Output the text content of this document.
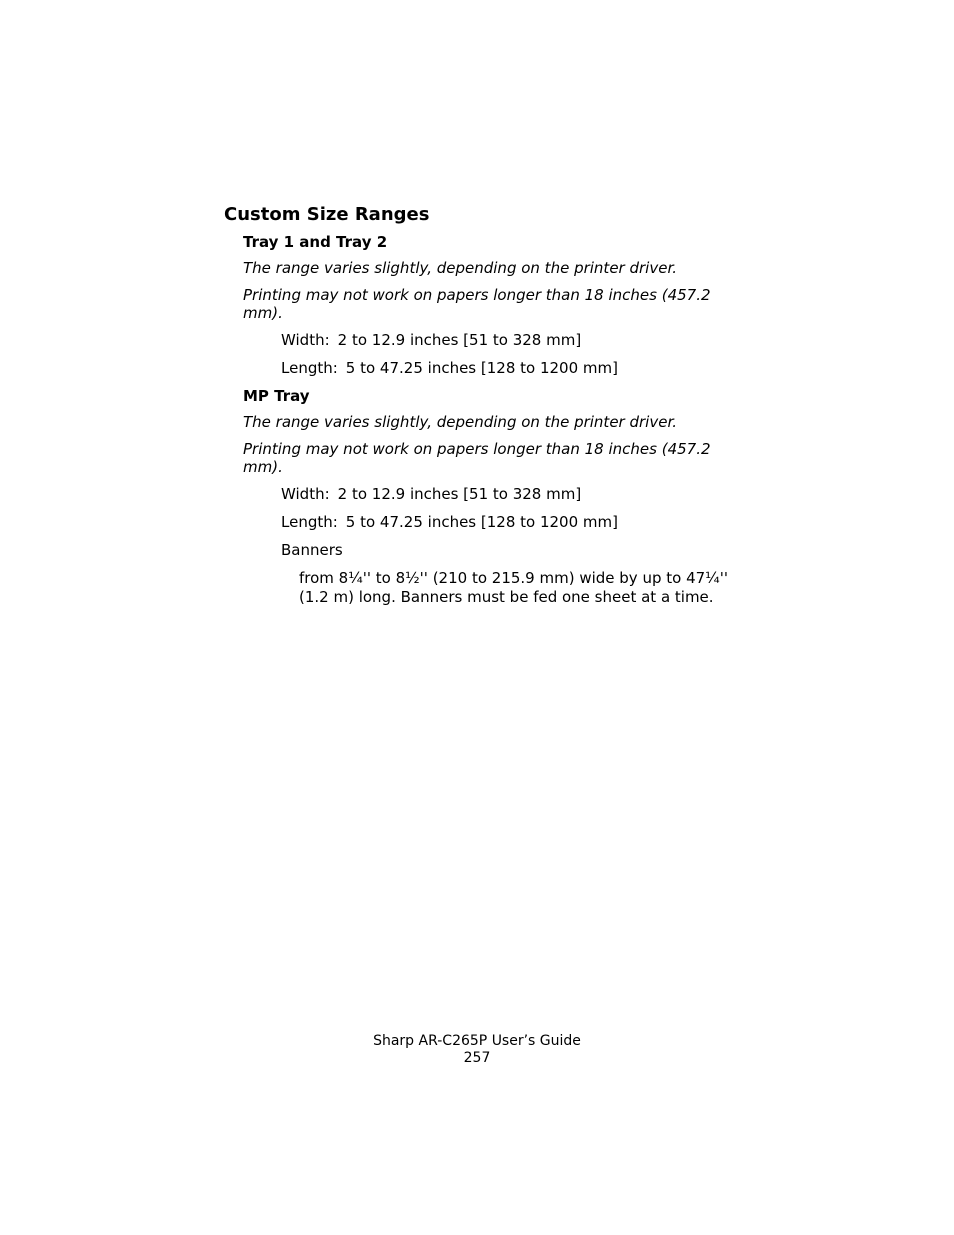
Custom Size Ranges
Tray 1 and Tray 2
The range varies slightly, depending on the printer driver.
Printing may not work on papers longer than 18 inches (457.2 mm).
Width: 2 to 12.9 inches [51 to 328 mm]
Length: 5 to 47.25 inches [128 to 1200 mm]
MP Tray
The range varies slightly, depending on the printer driver.
Printing may not work on papers longer than 18 inches (457.2 mm).
Width: 2 to 12.9 inches [51 to 328 mm]
Length: 5 to 47.25 inches [128 to 1200 mm]
Banners
from 8¼'' to 8½'' (210 to 215.9 mm) wide by up to 47¼'' (1.2 m) long. Banners must be fed one sheet at a time.
Sharp AR-C265P User’s Guide
257
